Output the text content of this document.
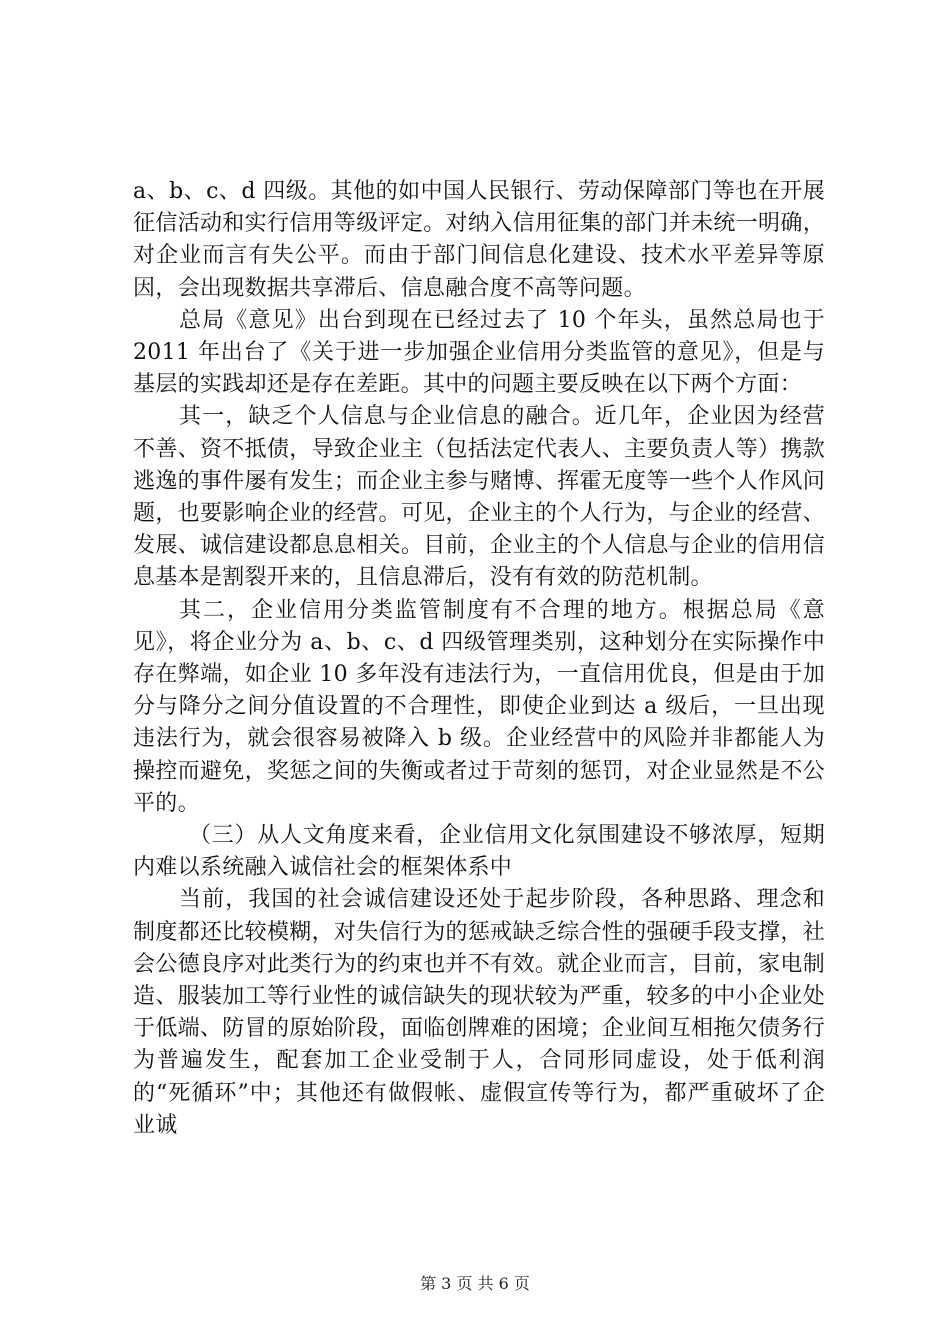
a、b、c、d 四级。其他的如中国人民银行、劳动保障部门等也在开展征信活动和实行信用等级评定。对纳入信用征集的部门并未统一明确，对企业而言有失公平。而由于部门间信息化建设、技术水平差异等原因，会出现数据共享滞后、信息融合度不高等问题。

总局《意见》出台到现在已经过去了 10 个年头，虽然总局也于 2011 年出台了《关于进一步加强企业信用分类监管的意见》，但是与基层的实践却还是存在差距。其中的问题主要反映在以下两个方面：

其一，缺乏个人信息与企业信息的融合。近几年，企业因为经营不善、资不抵债，导致企业主（包括法定代表人、主要负责人等）携款逃逸的事件屡有发生；而企业主参与赌博、挥霍无度等一些个人作风问题，也要影响企业的经营。可见，企业主的个人行为，与企业的经营、发展、诚信建设都息息相关。目前，企业主的个人信息与企业的信用信息基本是割裂开来的，且信息滞后，没有有效的防范机制。

其二，企业信用分类监管制度有不合理的地方。根据总局《意见》，将企业分为 a、b、c、d 四级管理类别，这种划分在实际操作中存在弊端，如企业 10 多年没有违法行为，一直信用优良，但是由于加分与降分之间分值设置的不合理性，即使企业到达 a 级后，一旦出现违法行为，就会很容易被降入 b 级。企业经营中的风险并非都能人为操控而避免，奖惩之间的失衡或者过于苛刻的惩罚，对企业显然是不公平的。

（三）从人文角度来看，企业信用文化氛围建设不够浓厚，短期内难以系统融入诚信社会的框架体系中

当前，我国的社会诚信建设还处于起步阶段，各种思路、理念和制度都还比较模糊，对失信行为的惩戒缺乏综合性的强硬手段支撑，社会公德良序对此类行为的约束也并不有效。就企业而言，目前，家电制造、服装加工等行业性的诚信缺失的现状较为严重，较多的中小企业处于低端、防冒的原始阶段，面临创牌难的困境；企业间互相拖欠债务行为普遍发生，配套加工企业受制于人，合同形同虚设，处于低利润的“死循环”中；其他还有做假帐、虚假宣传等行为，都严重破坏了企业诚

第 3 页 共 6 页
